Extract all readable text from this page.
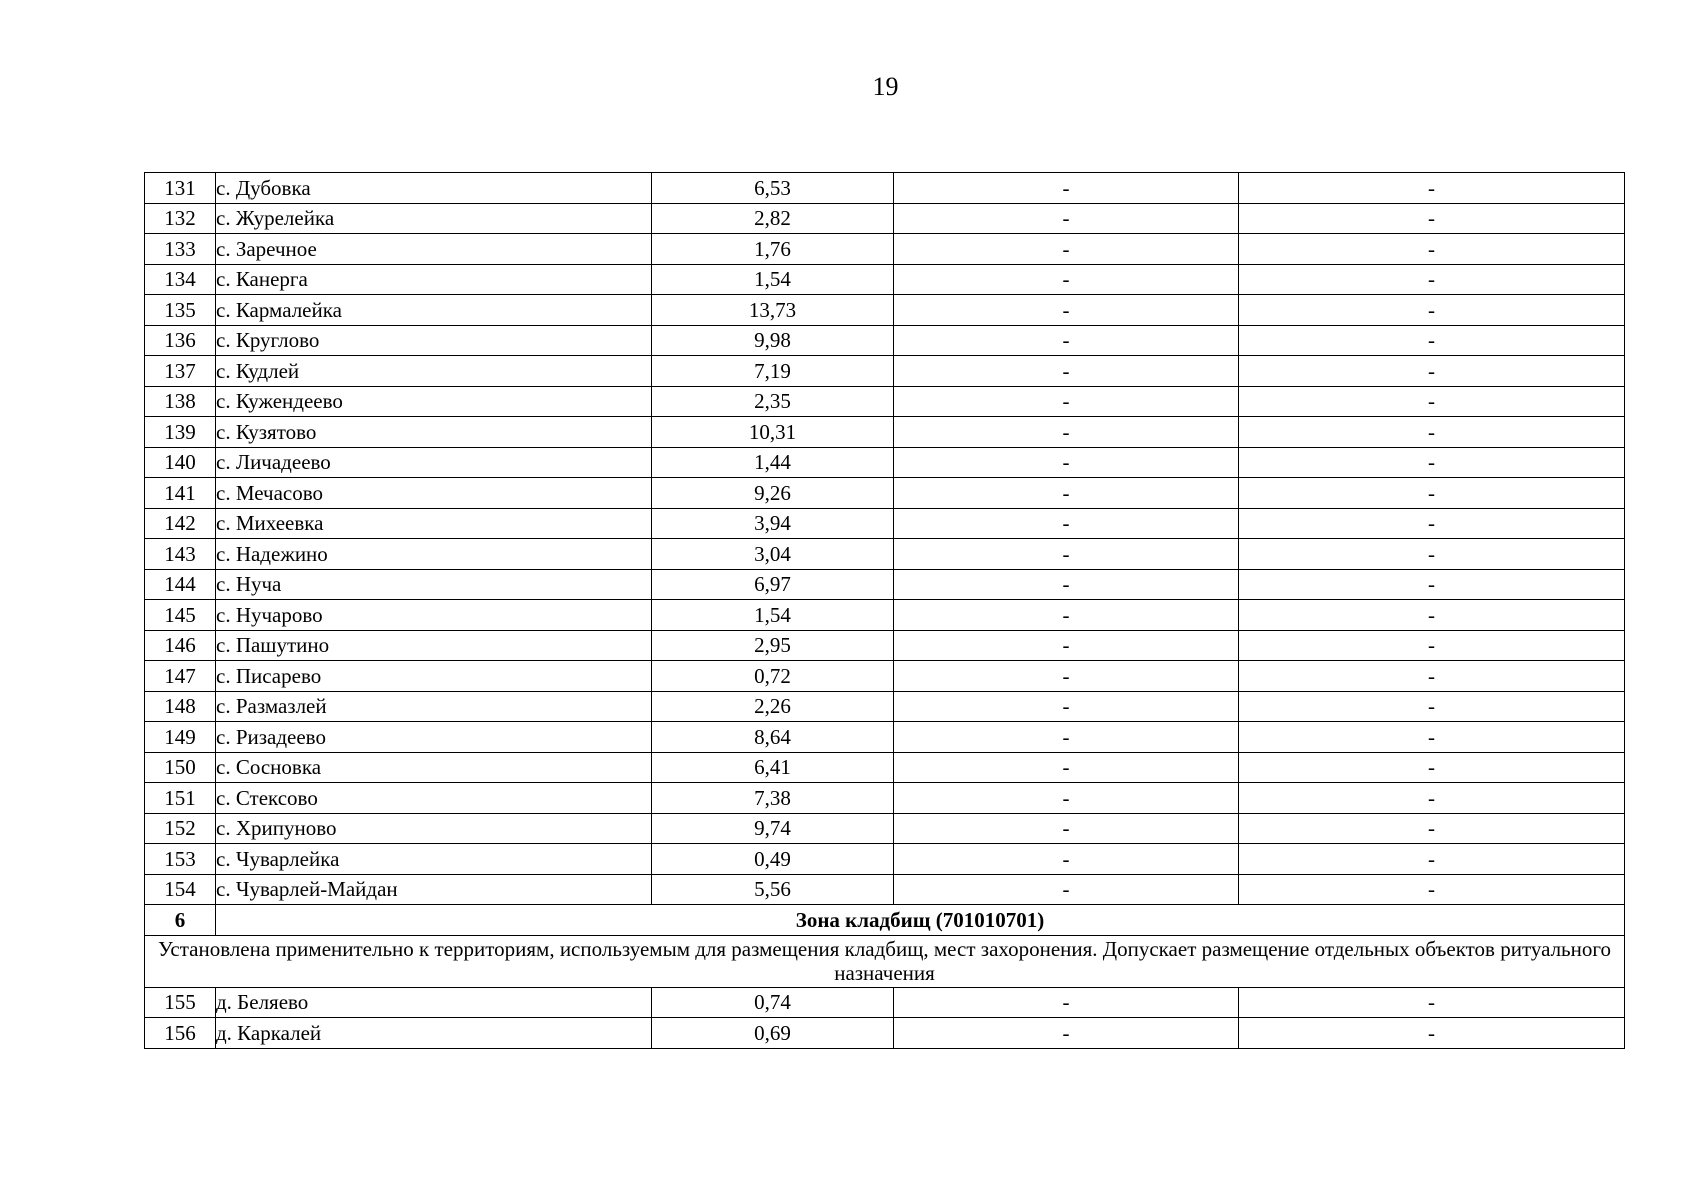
19
131	с. Дубовка	6,53	-	-
132	с. Журелейка	2,82	-	-
133	с. Заречное	1,76	-	-
134	с. Канерга	1,54	-	-
135	с. Кармалейка	13,73	-	-
136	с. Круглово	9,98	-	-
137	с. Кудлей	7,19	-	-
138	с. Кужендеево	2,35	-	-
139	с. Кузятово	10,31	-	-
140	с. Личадеево	1,44	-	-
141	с. Мечасово	9,26	-	-
142	с. Михеевка	3,94	-	-
143	с. Надежино	3,04	-	-
144	с. Нуча	6,97	-	-
145	с. Нучарово	1,54	-	-
146	с. Пашутино	2,95	-	-
147	с. Писарево	0,72	-	-
148	с. Размазлей	2,26	-	-
149	с. Ризадеево	8,64	-	-
150	с. Сосновка	6,41	-	-
151	с. Стексово	7,38	-	-
152	с. Хрипуново	9,74	-	-
153	с. Чуварлейка	0,49	-	-
154	с. Чуварлей-Майдан	5,56	-	-
6	Зона кладбищ (701010701)			
Установлена применительно к территориям, используемым для размещения кладбищ, мест захоронения. Допускает размещение отдельных объектов ритуального назначения				
155	д. Беляево	0,74	-	-
156	д. Каркалей	0,69	-	-
